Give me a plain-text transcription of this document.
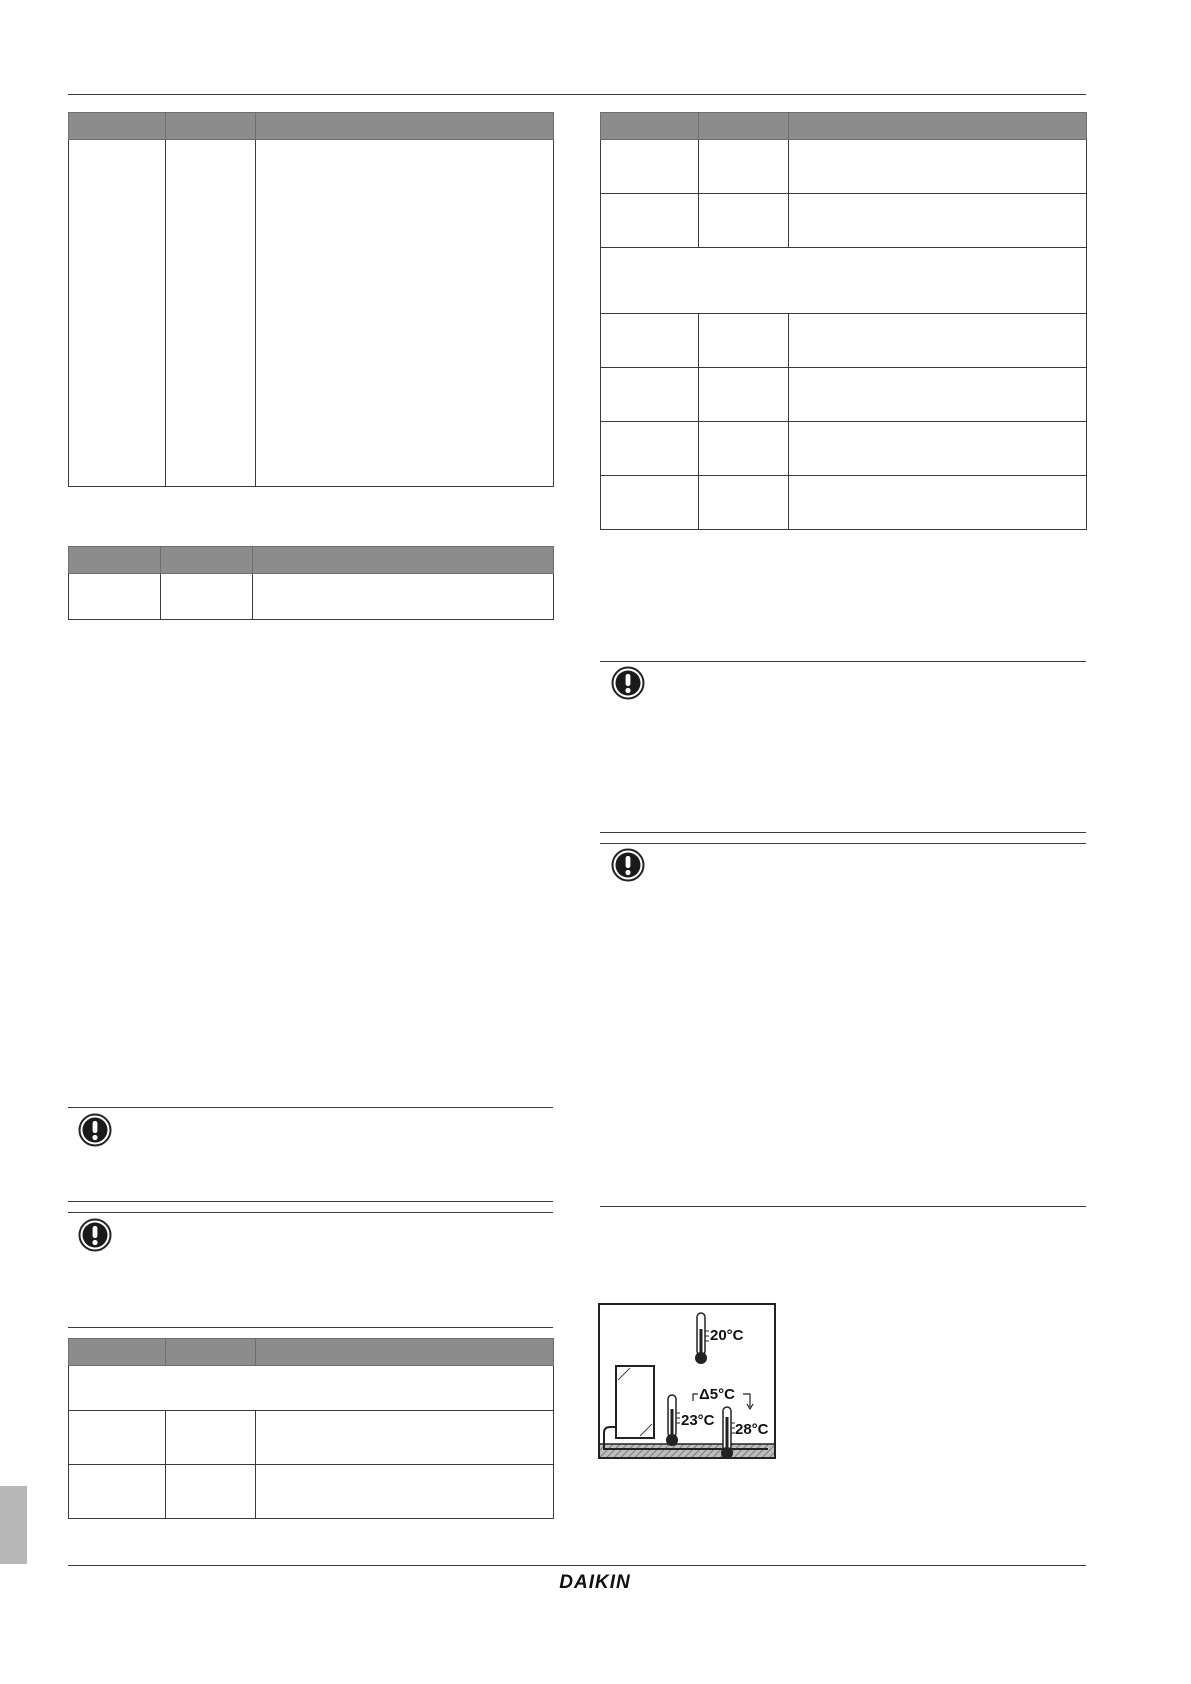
20°C
Δ5°C
23°C
28°C
DAIKIN
